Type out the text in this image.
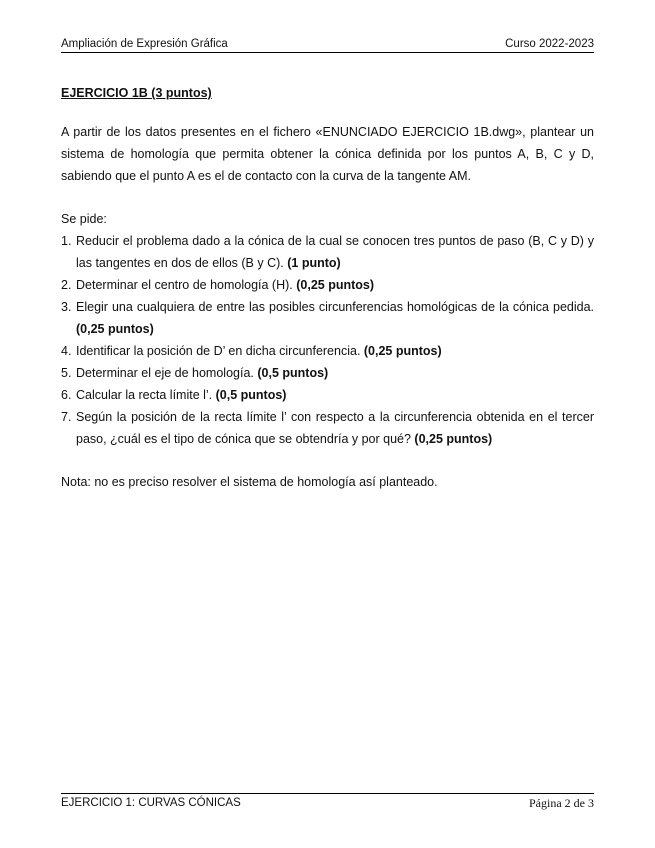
Ampliación de Expresión Gráfica	Curso 2022-2023
EJERCICIO 1B (3 puntos)

A partir de los datos presentes en el fichero «ENUNCIADO EJERCICIO 1B.dwg», plantear un sistema de homología que permita obtener la cónica definida por los puntos A, B, C y D, sabiendo que el punto A es el de contacto con la curva de la tangente AM.

Se pide:

1. Reducir el problema dado a la cónica de la cual se conocen tres puntos de paso (B, C y D) y las tangentes en dos de ellos (B y C). (1 punto)
2. Determinar el centro de homología (H). (0,25 puntos)
3. Elegir una cualquiera de entre las posibles circunferencias homológicas de la cónica pedida. (0,25 puntos)
4. Identificar la posición de D’ en dicha circunferencia. (0,25 puntos)
5. Determinar el eje de homología. (0,5 puntos)
6. Calcular la recta límite l’. (0,5 puntos)
7. Según la posición de la recta límite l’ con respecto a la circunferencia obtenida en el tercer paso, ¿cuál es el tipo de cónica que se obtendría y por qué? (0,25 puntos)

Nota: no es preciso resolver el sistema de homología así planteado.

EJERCICIO 1: CURVAS CÓNICAS	Página 2 de 3
